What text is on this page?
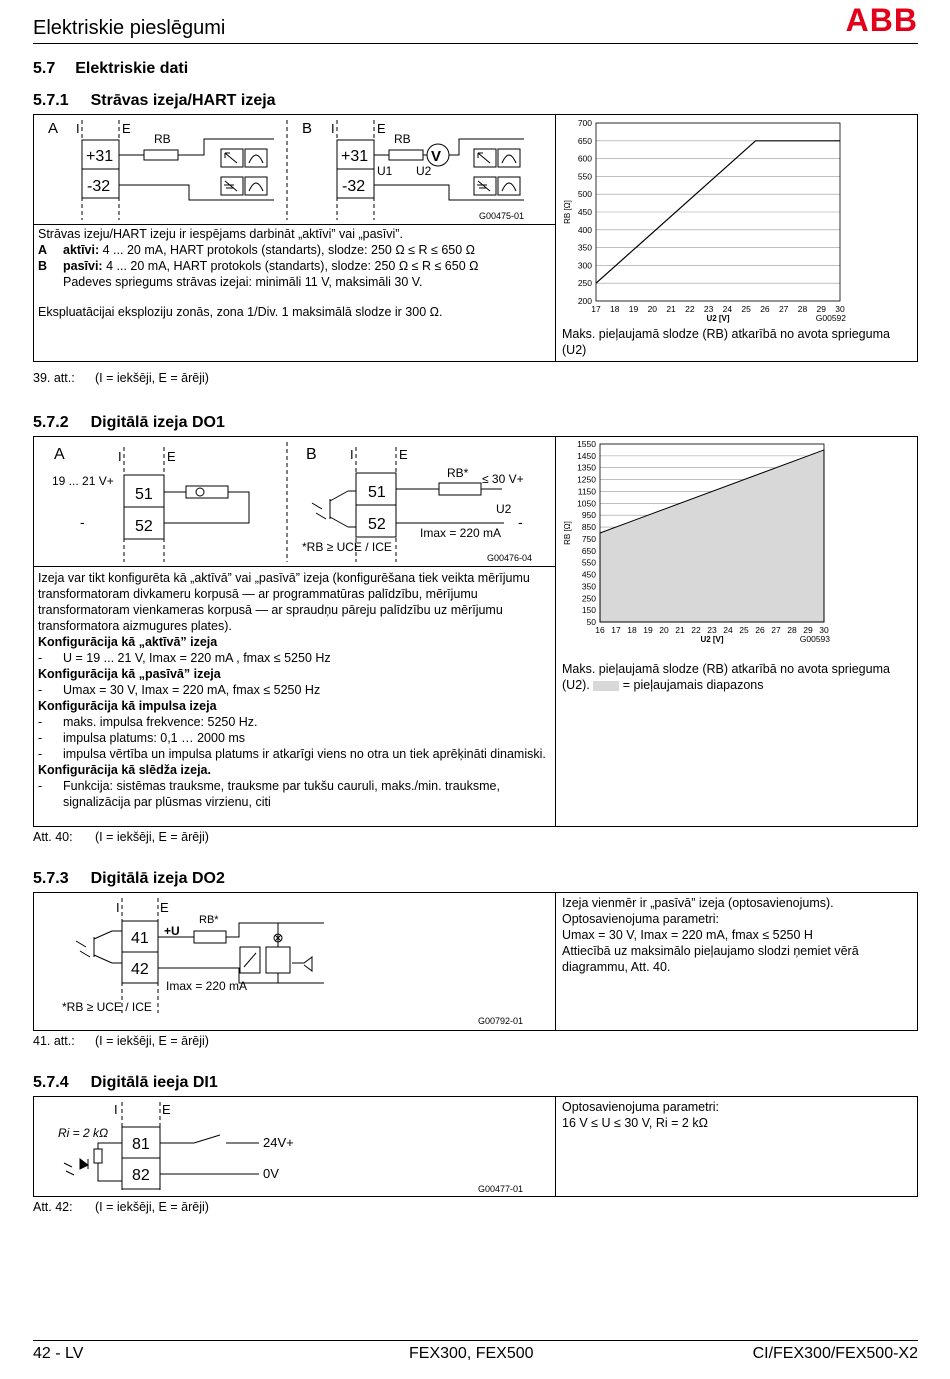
Elektriskie pieslēgumi	ABB
5.7 Elektriskie dati
5.7.1 Strāvas izeja/HART izeja
A I	E	B I	E
+31
-32
RB
+31
-32
RB
V
U1 U2
G00475-01
Strāvas izeju/HART izeju ir iespējams darbināt „aktīvi” vai „pasīvi”.
A aktīvi: 4 ... 20 mA, HART protokols (standarts), slodze: 250 Ω ≤ R ≤ 650 Ω
B pasīvi: 4 ... 20 mA, HART protokols (standarts), slodze: 250 Ω ≤ R ≤ 650 Ω
Padeves spriegums strāvas izejai: minimāli 11 V, maksimāli 30 V.
Ekspluatācijai eksploziju zonās, zona 1/Div. 1 maksimālā slodze ir 300 Ω.
200
250
300
350
400
450
500
550
600
650
700
17 18 19 20 21 22 23 24 25 26 27 28 29 30
U2 [V]
RB [Ω]
G00592
Maks. pieļaujamā slodze (RB) atkarībā no avota sprieguma (U2)
39. att.: (I = iekšēji, E = ārēji)
5.7.2 Digitālā izeja DO1
A	I	E
19 ... 21 V+
-
51
52
B	I	E
51
52
RB* ≤ 30 V+
U2
-
Imax = 220 mA
*RB ≥ UCE / ICE
G00476-04
Izeja var tikt konfigurēta kā „aktīvā” vai „pasīvā” izeja (konfigurēšana tiek veikta mērījumu transformatoram divkameru korpusā — ar programmatūras palīdzību, mērījumu transformatoram vienkameras korpusā — ar spraudņu pāreju palīdzību uz mērījumu transformatora aizmugures plates).
Konfigurācija kā „aktīvā” izeja
- U = 19 ... 21 V, Imax = 220 mA , fmax ≤ 5250 Hz
Konfigurācija kā „pasīvā” izeja
- Umax = 30 V, Imax = 220 mA, fmax ≤ 5250 Hz
Konfigurācija kā impulsa izeja
- maks. impulsa frekvence: 5250 Hz.
- impulsa platums: 0,1 … 2000 ms
- impulsa vērtība un impulsa platums ir atkarīgi viens no otra un tiek aprēķināti dinamiski.
Konfigurācija kā slēdža izeja.
- Funkcija: sistēmas trauksme, trauksme par tukšu cauruli, maks./min. trauksme, signalizācija par plūsmas virzienu, citi
50
150
250
350
450
550
650
750
850
950
1050
1150
1250
1350
1450
1550
16 17 18 19 20 21 22 23 24 25 26 27 28 29 30
U2 [V]
RB [Ω]
G00593
Maks. pieļaujamā slodze (RB) atkarībā no avota sprieguma (U2).	= pieļaujamais diapazons
Att. 40: (I = iekšēji, E = ārēji)
5.7.3 Digitālā izeja DO2
I	E
41
42
+U
RB*
Imax = 220 mA
*RB ≥ UCE / ICE
G00792-01
Izeja vienmēr ir „pasīvā” izeja (optosavienojums).
Optosavienojuma parametri:
Umax = 30 V, Imax = 220 mA, fmax ≤ 5250 H
Attiecībā uz maksimālo pieļaujamo slodzi ņemiet vērā diagrammu, Att. 40.
41. att.: (I = iekšēji, E = ārēji)
5.7.4 Digitālā ieeja DI1
I	E
Ri = 2 kΩ
81
82
24V+
0V
G00477-01
Optosavienojuma parametri:
16 V ≤ U ≤ 30 V, Ri = 2 kΩ
Att. 42: (I = iekšēji, E = ārēji)
42 - LV	FEX300, FEX500	CI/FEX300/FEX500-X2
